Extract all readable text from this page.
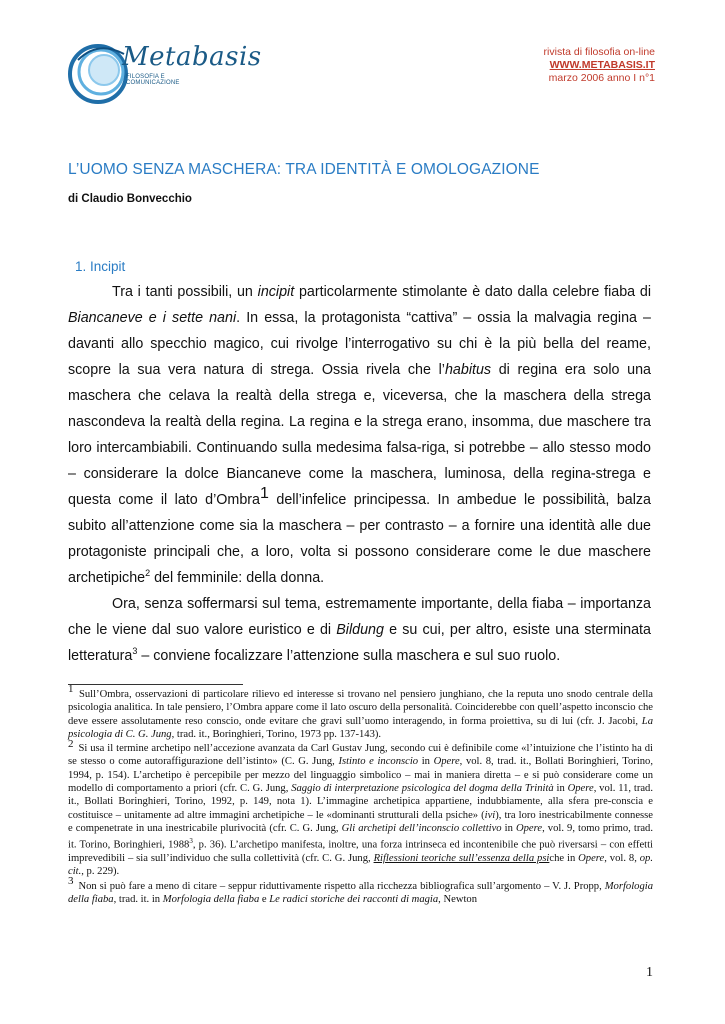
Metabasis
FILOSOFIA E COMUNICAZIONE
rivista di filosofia on-line
WWW.METABASIS.IT
marzo 2006 anno I n°1
L’UOMO SENZA MASCHERA: TRA IDENTITÀ E OMOLOGAZIONE
di Claudio Bonvecchio
1. Incipit

Tra i tanti possibili, un incipit particolarmente stimolante è dato dalla celebre fiaba di Biancaneve e i sette nani. In essa, la protagonista “cattiva” ‒ ossia la malvagia regina ‒ davanti allo specchio magico, cui rivolge l’interrogativo su chi è la più bella del reame, scopre la sua vera natura di strega. Ossia rivela che l’habitus di regina era solo una maschera che celava la realtà della strega e, viceversa, che la maschera della strega nascondeva la realtà della regina. La regina e la strega erano, insomma, due maschere tra loro intercambiabili. Continuando sulla medesima falsa-riga, si potrebbe ‒ allo stesso modo ‒ considerare la dolce Biancaneve come la maschera, luminosa, della regina-strega e questa come il lato d’Ombra1 dell’infelice principessa. In ambedue le possibilità, balza subito all’attenzione come sia la maschera ‒ per contrasto ‒ a fornire una identità alle due protagoniste principali che, a loro, volta si possono considerare come le due maschere archetipiche$^2$ del femminile: della donna.

Ora, senza soffermarsi sul tema, estremamente importante, della fiaba ‒ importanza che le viene dal suo valore euristico e di Bildung e su cui, per altro, esiste una sterminata letteratura$^3$ ‒ conviene focalizzare l’attenzione sulla maschera e sul suo ruolo.

1 Sull’Ombra, osservazioni di particolare rilievo ed interesse si trovano nel pensiero junghiano, che la reputa uno snodo centrale della psicologia analitica. In tale pensiero, l’Ombra appare come il lato oscuro della personalità. Coinciderebbe con quell’aspetto inconscio che deve essere assolutamente reso conscio, onde evitare che gravi sull’uomo interagendo, in forma proiettiva, su di lui (cfr. J. Jacobi, La psicologia di C. G. Jung, trad. it., Boringhieri, Torino, 1973 pp. 137-143).

2 Si usa il termine archetipo nell’accezione avanzata da Carl Gustav Jung, secondo cui è definibile come «l’intuizione che l’istinto ha di se stesso o come autoraffigurazione dell’istinto» (C. G. Jung, Istinto e inconscio in Opere, vol. 8, trad. it., Bollati Boringhieri, Torino, 1994, p. 154). L’archetipo è percepibile per mezzo del linguaggio simbolico ‒ mai in maniera diretta ‒ e si può considerare come un modello di comportamento a priori (cfr. C. G. Jung, Saggio di interpretazione psicologica del dogma della Trinità in Opere, vol. 11, trad. it., Bollati Boringhieri, Torino, 1992, p. 149, nota 1). L’immagine archetipica appartiene, indubbiamente, alla sfera pre-conscia e costituisce ‒ unitamente ad altre immagini archetipiche ‒ le «dominanti strutturali della psiche» (ivi), tra loro inestricabilmente connesse e compenetrate in una inestricabile plurivocità (cfr. C. G. Jung, Gli archetipi dell’inconscio collettivo in Opere, vol. 9, tomo primo, trad. it. Torino, Boringhieri, 1988$^3$, p. 36). L’archetipo manifesta, inoltre, una forza intrinseca ed incontenibile che può riversarsi ‒ con effetti imprevedibili ‒ sia sull’individuo che sulla collettività (cfr. C. G. Jung, Riflessioni teoriche sull’essenza della psiche in Opere, vol. 8, op. cit., p. 229).

3 Non si può fare a meno di citare – seppur riduttivamente rispetto alla ricchezza bibliografica sull’argomento – V. J. Propp, Morfologia della fiaba, trad. it. in Morfologia della fiaba e Le radici storiche dei racconti di magia, Newton

1
